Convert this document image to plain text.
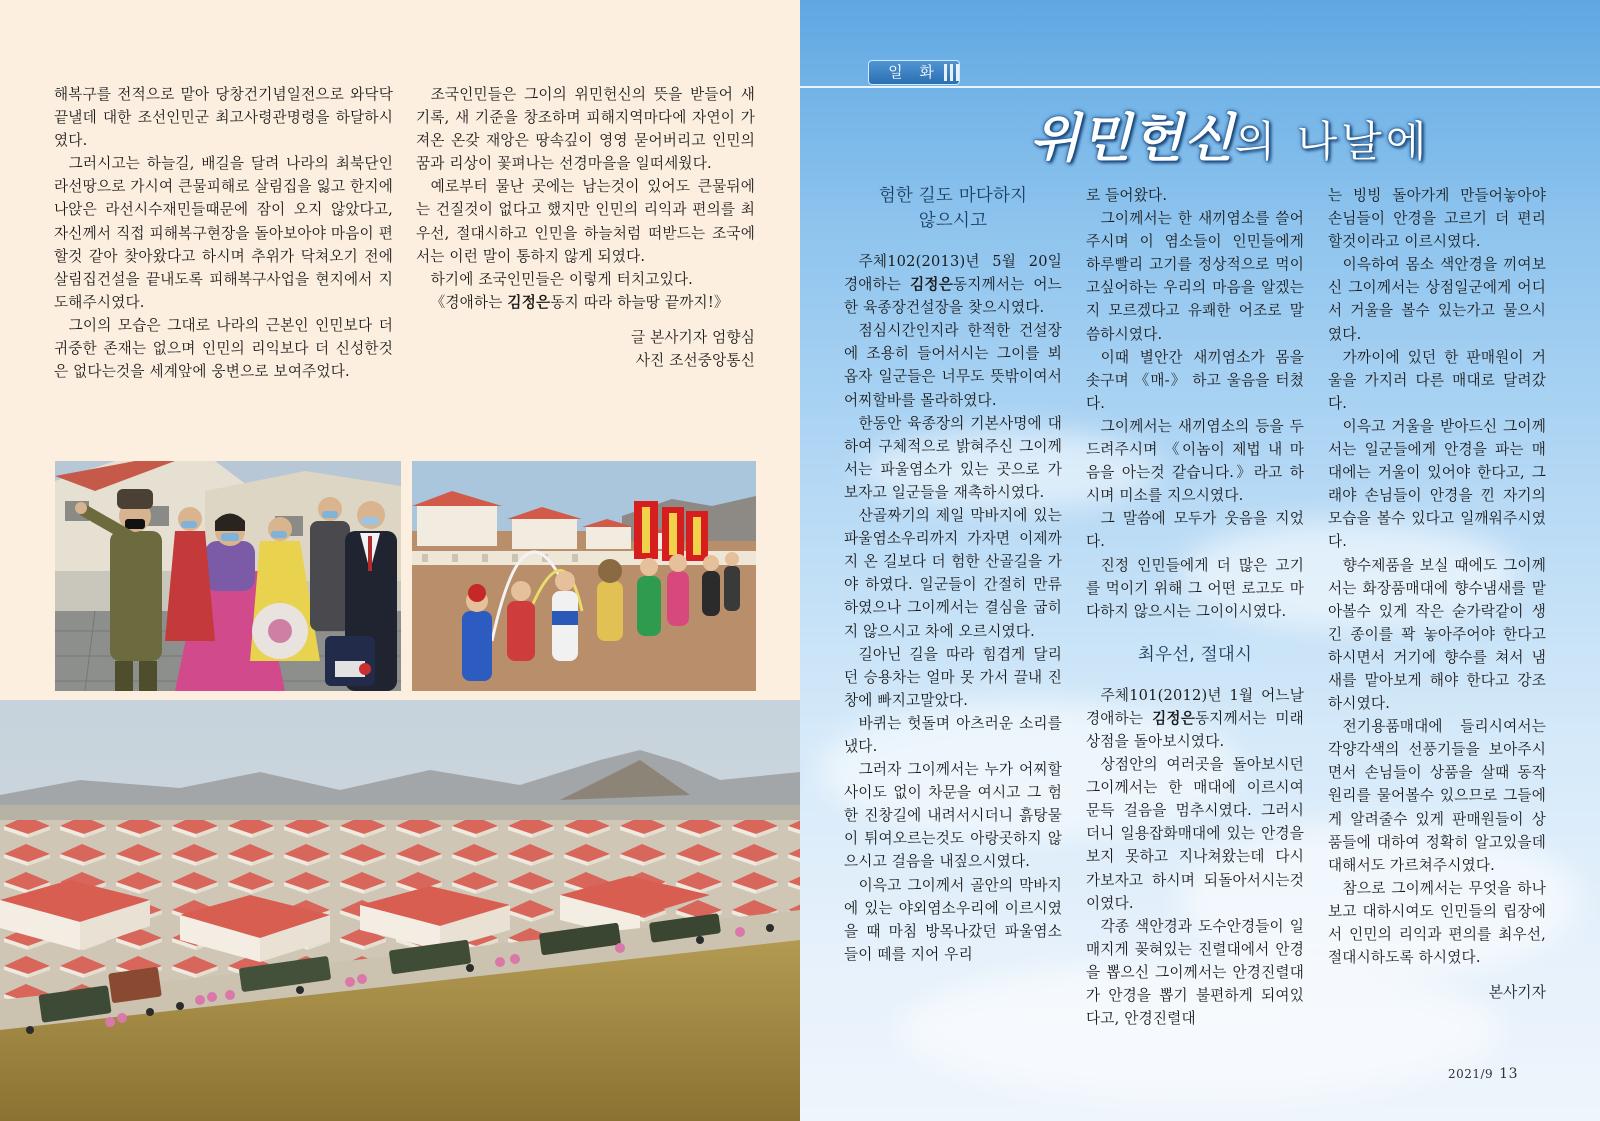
해복구를 전적으로 맡아 당창건기념일전으로 와닥닥 끝낼데 대한 조선인민군 최고사령관명령을 하달하시였다.

그러시고는 하늘길, 배길을 달려 나라의 최북단인 라선땅으로 가시여 큰물피해로 살림집을 잃고 한지에 나앉은 라선시수재민들때문에 잠이 오지 않았다고, 자신께서 직접 피해복구현장을 돌아보아야 마음이 편할것 같아 찾아왔다고 하시며 추위가 닥쳐오기 전에 살림집건설을 끝내도록 피해복구사업을 현지에서 지도해주시였다.

그이의 모습은 그대로 나라의 근본인 인민보다 더 귀중한 존재는 없으며 인민의 리익보다 더 신성한것은 없다는것을 세계앞에 웅변으로 보여주었다.

조국인민들은 그이의 위민헌신의 뜻을 받들어 새 기록, 새 기준을 창조하며 피해지역마다에 자연이 가져온 온갖 재앙은 땅속깊이 영영 묻어버리고 인민의 꿈과 리상이 꽃펴나는 선경마을을 일떠세웠다.

예로부터 물난 곳에는 남는것이 있어도 큰물뒤에는 건질것이 없다고 했지만 인민의 리익과 편의를 최우선, 절대시하고 인민을 하늘처럼 떠받드는 조국에서는 이런 말이 통하지 않게 되였다.

하기에 조국인민들은 이렇게 터치고있다.

《경애하는 김정은동지 따라 하늘땅 끝까지!》

글 본사기자 엄향심

사진 조선중앙통신

일 화
위민헌신의 나날에

험한 길도 마다하지
않으시고

주체102(2013)년 5월 20일 경애하는 김정은동지께서는 어느 한 육종장건설장을 찾으시였다.

점심시간인지라 한적한 건설장에 조용히 들어서시는 그이를 뵈옵자 일군들은 너무도 뜻밖이여서 어찌할바를 몰라하였다.

한동안 육종장의 기본사명에 대하여 구체적으로 밝혀주신 그이께서는 파울염소가 있는 곳으로 가보자고 일군들을 재촉하시였다.

산골짜기의 제일 막바지에 있는 파울염소우리까지 가자면 이제까지 온 길보다 더 험한 산골길을 가야 하였다. 일군들이 간절히 만류하였으나 그이께서는 결심을 굽히지 않으시고 차에 오르시였다.

길아닌 길을 따라 힘겹게 달리던 승용차는 얼마 못 가서 끌내 진창에 빠지고말았다.

바퀴는 헛돌며 아츠러운 소리를 냈다.

그러자 그이께서는 누가 어찌할사이도 없이 차문을 여시고 그 험한 진창길에 내려서시더니 흙탕물이 튀여오르는것도 아랑곳하지 않으시고 걸음을 내짚으시였다.

이윽고 그이께서 골안의 막바지에 있는 야외염소우리에 이르시였을 때 마침 방목나갔던 파울염소들이 떼를 지어 우리

로 들어왔다.

그이께서는 한 새끼염소를 쓸어주시며 이 염소들이 인민들에게 하루빨리 고기를 정상적으로 먹이고싶어하는 우리의 마음을 알겠는지 모르겠다고 유쾌한 어조로 말씀하시였다.

이때 별안간 새끼염소가 몸을 솟구며 《매-》 하고 울음을 터쳤다.

그이께서는 새끼염소의 등을 두드려주시며 《이놈이 제법 내 마음을 아는것 같습니다.》라고 하시며 미소를 지으시였다.

그 말씀에 모두가 웃음을 지었다.

진정 인민들에게 더 많은 고기를 먹이기 위해 그 어떤 로고도 마다하지 않으시는 그이이시였다.

최우선, 절대시

주체101(2012)년 1월 어느날 경애하는 김정은동지께서는 미래상점을 돌아보시였다.

상점안의 여러곳을 돌아보시던 그이께서는 한 매대에 이르시여 문득 걸음을 멈추시였다. 그러시더니 일용잡화매대에 있는 안경을 보지 못하고 지나쳐왔는데 다시 가보자고 하시며 되돌아서시는것이였다.

각종 색안경과 도수안경들이 일매지게 꽂혀있는 진렬대에서 안경을 뽑으신 그이께서는 안경진렬대가 안경을 뽑기 불편하게 되여있다고, 안경진렬대

는 빙빙 돌아가게 만들어놓아야 손님들이 안경을 고르기 더 편리할것이라고 이르시였다.

이윽하여 몸소 색안경을 끼여보신 그이께서는 상점일군에게 어디서 거울을 볼수 있는가고 물으시였다.

가까이에 있던 한 판매원이 거울을 가지러 다른 매대로 달려갔다.

이윽고 거울을 받아드신 그이께서는 일군들에게 안경을 파는 매대에는 거울이 있어야 한다고, 그래야 손님들이 안경을 낀 자기의 모습을 볼수 있다고 일깨워주시였다.

향수제품을 보실 때에도 그이께서는 화장품매대에 향수냄새를 맡아볼수 있게 작은 숟가락같이 생긴 종이를 꽉 놓아주어야 한다고 하시면서 거기에 향수를 쳐서 냄새를 맡아보게 해야 한다고 강조하시였다.

전기용품매대에 들리시여서는 각양각색의 선풍기들을 보아주시면서 손님들이 상품을 살때 동작원리를 물어볼수 있으므로 그들에게 알려줄수 있게 판매원들이 상품들에 대하여 정확히 알고있을데 대해서도 가르쳐주시였다.

참으로 그이께서는 무엇을 하나 보고 대하시여도 인민들의 립장에서 인민의 리익과 편의를 최우선, 절대시하도록 하시였다.

본사기자

2021/9 13
